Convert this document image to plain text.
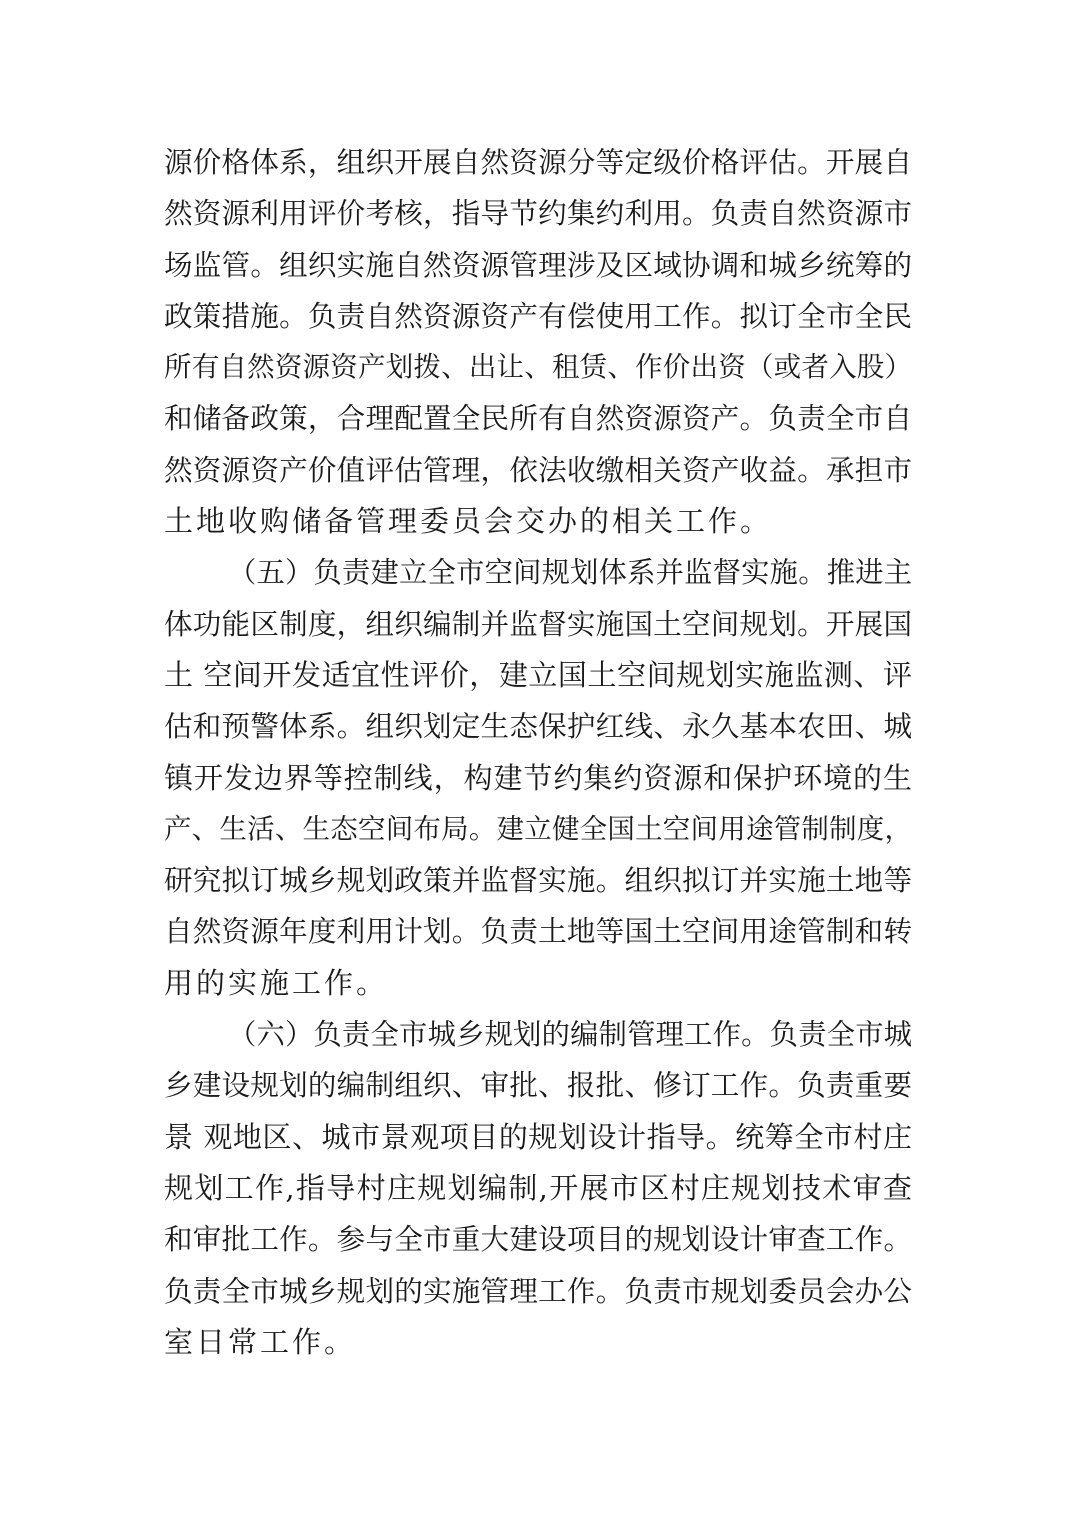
源价格体系，组织开展自然资源分等定级价格评估。开展自
然资源利用评价考核，指导节约集约利用。负责自然资源市
场监管。组织实施自然资源管理涉及区域协调和城乡统筹的
政策措施。负责自然资源资产有偿使用工作。拟订全市全民
所有自然资源资产划拨、出让、租赁、作价出资（或者入股）
和储备政策，合理配置全民所有自然资源资产。负责全市自
然资源资产价值评估管理，依法收缴相关资产收益。承担市
土地收购储备管理委员会交办的相关工作。
（五）负责建立全市空间规划体系并监督实施。推进主
体功能区制度，组织编制并监督实施国土空间规划。开展国
土 空间开发适宜性评价，建立国土空间规划实施监测、评
估和预警体系。组织划定生态保护红线、永久基本农田、城
镇开发边界等控制线，构建节约集约资源和保护环境的生
产、生活、生态空间布局。建立健全国土空间用途管制制度，
研究拟订城乡规划政策并监督实施。组织拟订并实施土地等
自然资源年度利用计划。负责土地等国土空间用途管制和转
用的实施工作。
（六）负责全市城乡规划的编制管理工作。负责全市城
乡建设规划的编制组织、审批、报批、修订工作。负责重要
景 观地区、城市景观项目的规划设计指导。统筹全市村庄
规划工作,指导村庄规划编制,开展市区村庄规划技术审查
和审批工作。参与全市重大建设项目的规划设计审查工作。
负责全市城乡规划的实施管理工作。负责市规划委员会办公
室日常工作。
